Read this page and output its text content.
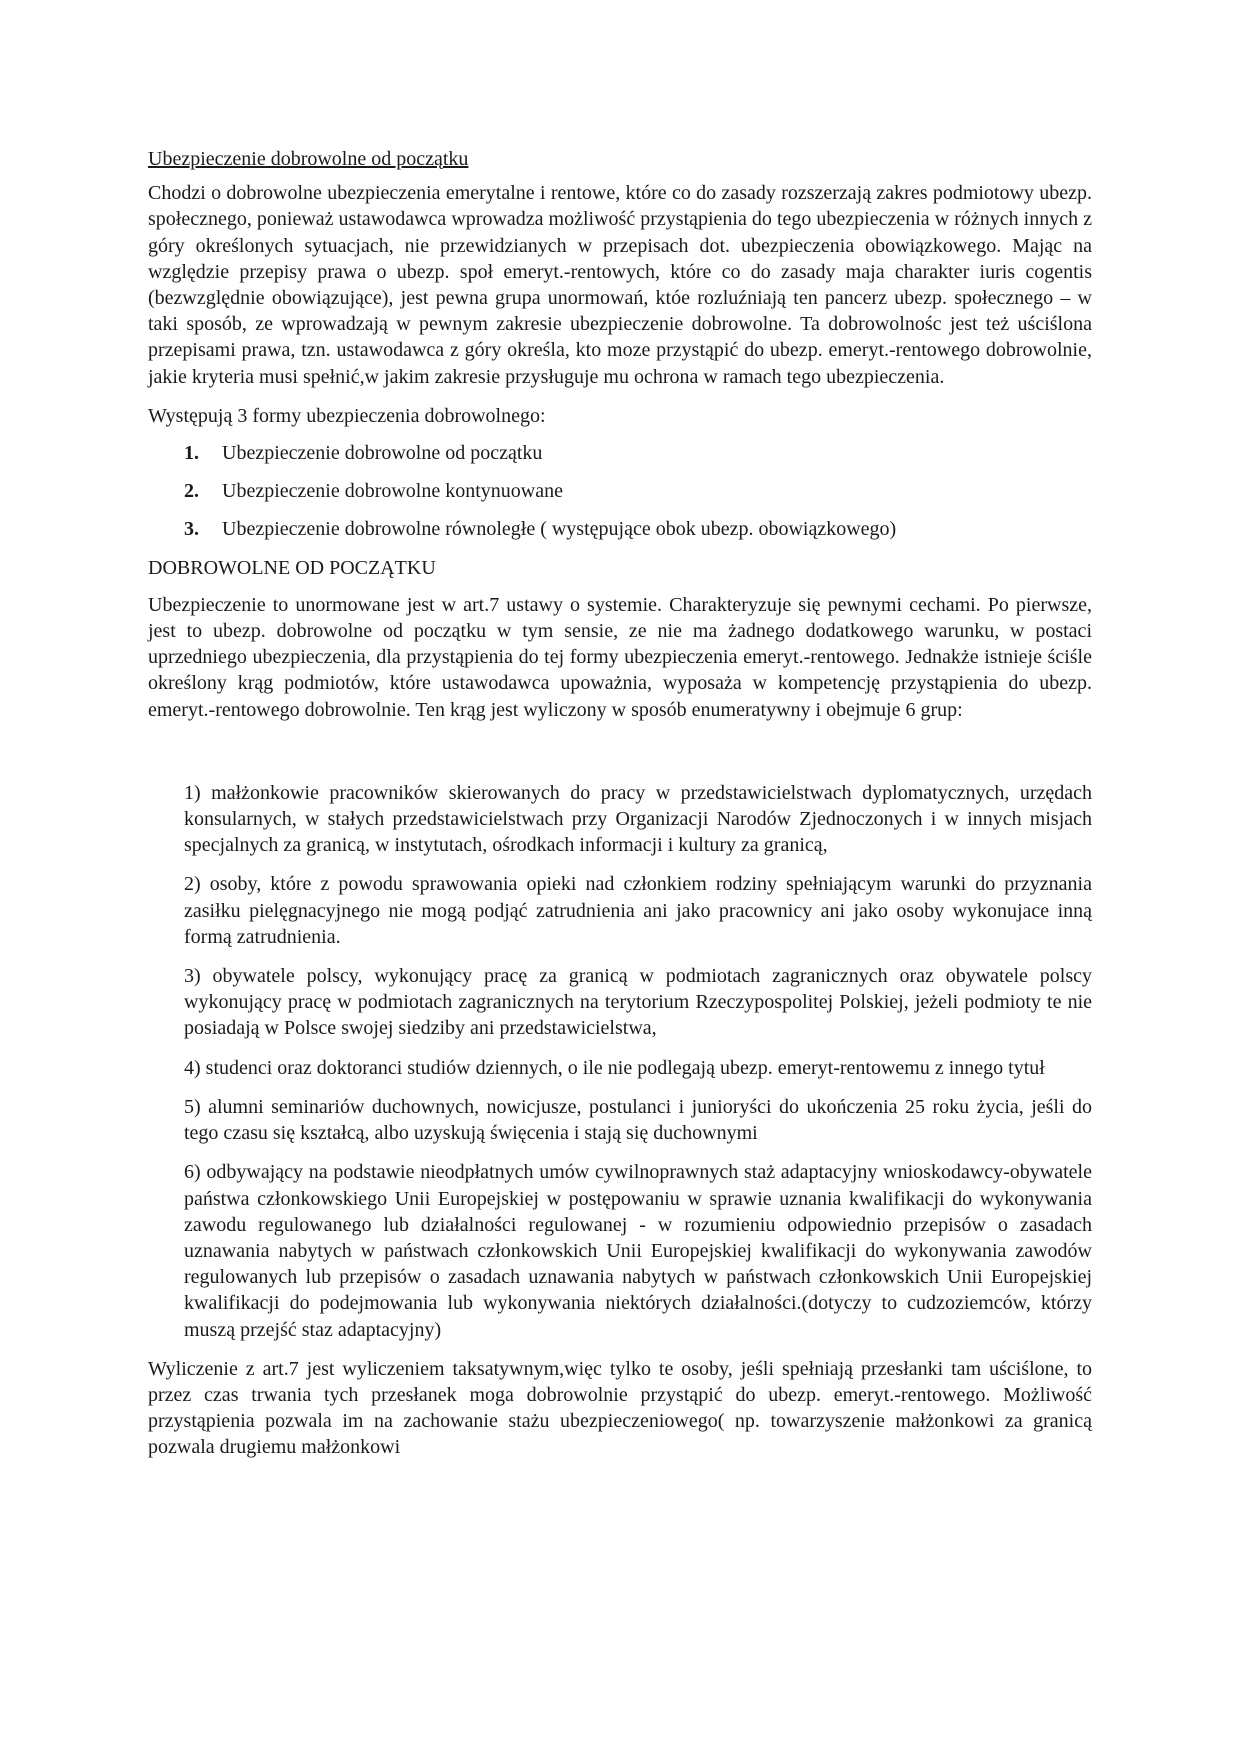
Ubezpieczenie dobrowolne od początku

Chodzi o dobrowolne ubezpieczenia emerytalne i rentowe, które co do zasady rozszerzają zakres podmiotowy ubezp. społecznego, ponieważ ustawodawca wprowadza możliwość przystąpienia do tego ubezpieczenia w różnych innych z góry określonych sytuacjach, nie przewidzianych w przepisach dot. ubezpieczenia obowiązkowego. Mając na względzie przepisy prawa o ubezp. społ emeryt.-rentowych, które co do zasady maja charakter iuris cogentis (bezwzględnie obowiązujące), jest pewna grupa unormowań, któe rozluźniają ten pancerz ubezp. społecznego – w taki sposób, ze wprowadzają w pewnym zakresie ubezpieczenie dobrowolne. Ta dobrowolnośc jest też uściślona przepisami prawa, tzn. ustawodawca z góry określa, kto moze przystąpić do ubezp. emeryt.-rentowego dobrowolnie, jakie kryteria musi spełnić,w jakim zakresie przysługuje mu ochrona w ramach tego ubezpieczenia.

Występują 3 formy ubezpieczenia dobrowolnego:

1.	Ubezpieczenie dobrowolne od początku
2.	Ubezpieczenie dobrowolne kontynuowane
3.	Ubezpieczenie dobrowolne równoległe ( występujące obok ubezp. obowiązkowego)

DOBROWOLNE OD POCZĄTKU

Ubezpieczenie to unormowane jest w art.7 ustawy o systemie. Charakteryzuje się pewnymi cechami. Po pierwsze, jest to ubezp. dobrowolne od początku w tym sensie, ze nie ma żadnego dodatkowego warunku, w postaci uprzedniego ubezpieczenia, dla przystąpienia do tej formy ubezpieczenia emeryt.-rentowego. Jednakże istnieje ściśle określony krąg podmiotów, które ustawodawca upoważnia, wyposaża w kompetencję przystąpienia do ubezp. emeryt.-rentowego dobrowolnie. Ten krąg jest wyliczony w sposób enumeratywny i obejmuje 6 grup:

1) małżonkowie pracowników skierowanych do pracy w przedstawicielstwach dyplomatycznych, urzędach konsularnych, w stałych przedstawicielstwach przy Organizacji Narodów Zjednoczonych i w innych misjach specjalnych za granicą, w instytutach, ośrodkach informacji i kultury za granicą,

2) osoby, które z powodu sprawowania opieki nad członkiem rodziny spełniającym warunki do przyznania zasiłku pielęgnacyjnego nie mogą podjąć zatrudnienia ani jako pracownicy ani jako osoby wykonujace inną formą zatrudnienia.

3) obywatele polscy, wykonujący pracę za granicą w podmiotach zagranicznych oraz obywatele polscy wykonujący pracę w podmiotach zagranicznych na terytorium Rzeczypospolitej Polskiej, jeżeli podmioty te nie posiadają w Polsce swojej siedziby ani przedstawicielstwa,

4) studenci oraz doktoranci studiów dziennych, o ile nie podlegają ubezp. emeryt-rentowemu z innego tytuł

5) alumni seminariów duchownych, nowicjusze, postulanci i junioryści do ukończenia 25 roku życia, jeśli do tego czasu się kształcą, albo uzyskują święcenia i stają się duchownymi

6) odbywający na podstawie nieodpłatnych umów cywilnoprawnych staż adaptacyjny wnioskodawcy-obywatele państwa członkowskiego Unii Europejskiej w postępowaniu w sprawie uznania kwalifikacji do wykonywania zawodu regulowanego lub działalności regulowanej - w rozumieniu odpowiednio przepisów o zasadach uznawania nabytych w państwach członkowskich Unii Europejskiej kwalifikacji do wykonywania zawodów regulowanych lub przepisów o zasadach uznawania nabytych w państwach członkowskich Unii Europejskiej kwalifikacji do podejmowania lub wykonywania niektórych działalności.(dotyczy to cudzoziemców, którzy muszą przejść staz adaptacyjny)

Wyliczenie z art.7 jest wyliczeniem taksatywnym,więc tylko te osoby, jeśli spełniają przesłanki tam uściślone, to przez czas trwania tych przesłanek moga dobrowolnie przystąpić do ubezp. emeryt.-rentowego. Możliwość przystąpienia pozwala im na zachowanie stażu ubezpieczeniowego( np. towarzyszenie małżonkowi za granicą pozwala drugiemu małżonkowi
